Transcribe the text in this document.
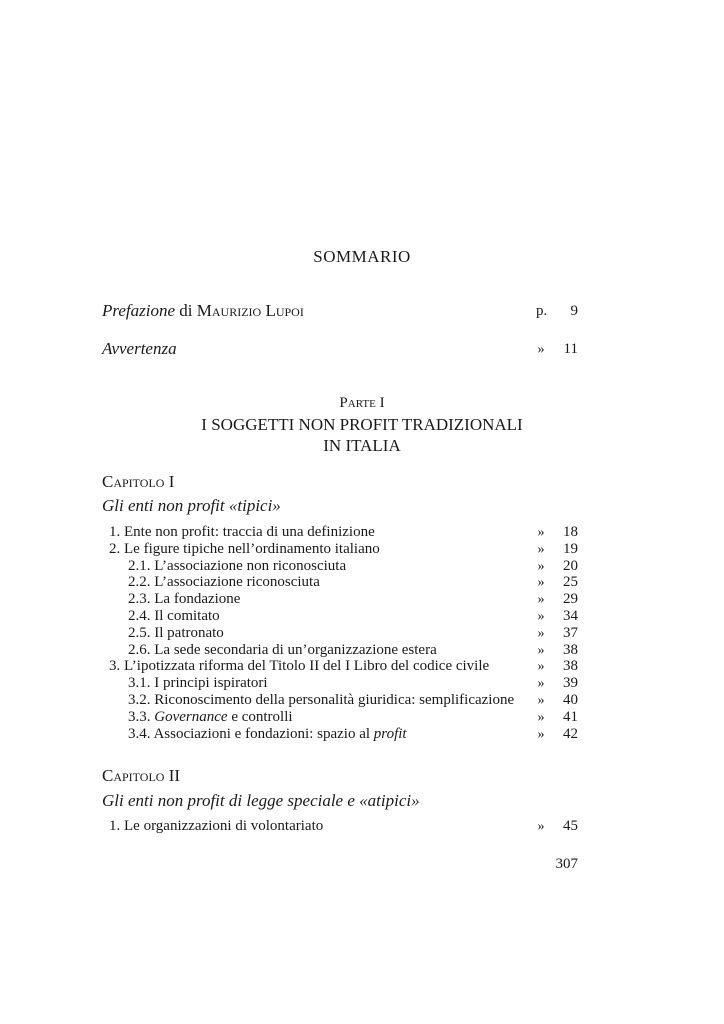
SOMMARIO
Prefazione di Maurizio Lupoi	p.	9
Avvertenza	»	11
Parte I
I SOGGETTI NON PROFIT TRADIZIONALI
IN ITALIA
Capitolo I
Gli enti non profit «tipici»
1. Ente non profit: traccia di una definizione	»	18
2. Le figure tipiche nell’ordinamento italiano	»	19
2.1. L’associazione non riconosciuta	»	20
2.2. L’associazione riconosciuta	»	25
2.3. La fondazione	»	29
2.4. Il comitato	»	34
2.5. Il patronato	»	37
2.6. La sede secondaria di un’organizzazione estera	»	38
3. L’ipotizzata riforma del Titolo II del I Libro del codice civile	»	38
3.1. I principi ispiratori	»	39
3.2. Riconoscimento della personalità giuridica: semplificazione »	40
3.3. Governance e controlli	»	41
3.4. Associazioni e fondazioni: spazio al profit	»	42
Capitolo II
Gli enti non profit di legge speciale e «atipici»
1. Le organizzazioni di volontariato	»	45
307
